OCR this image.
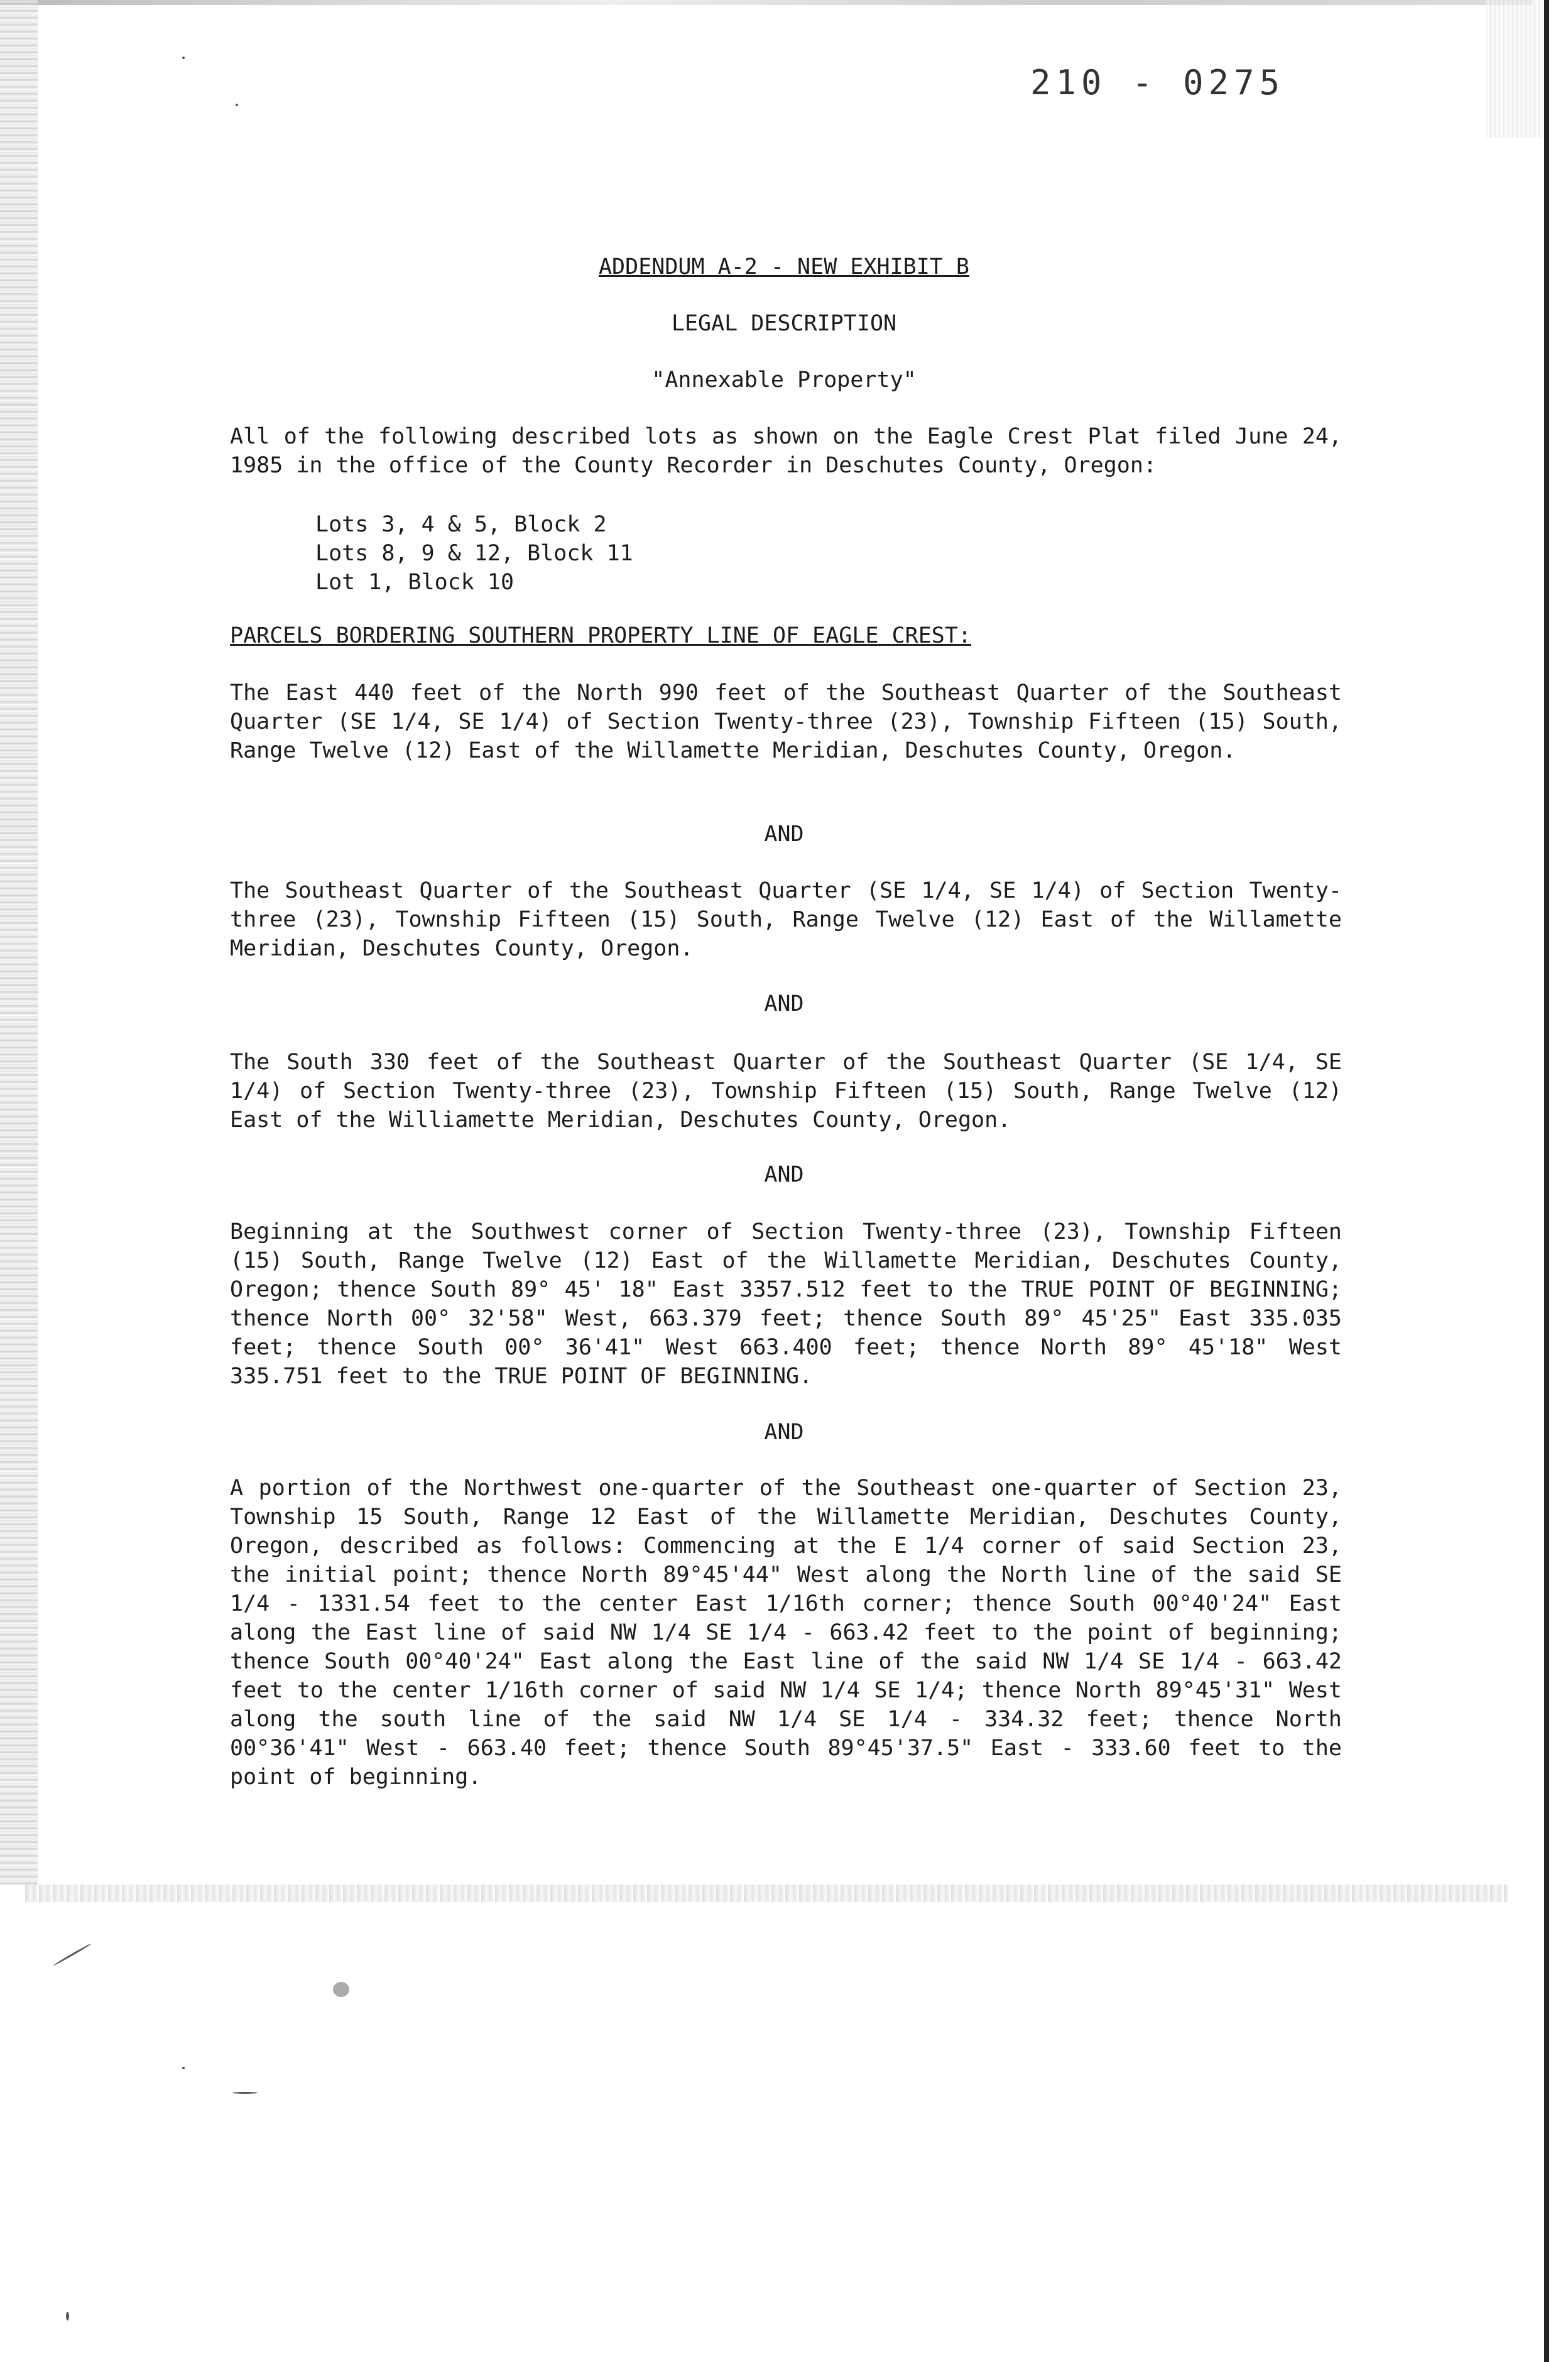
210 - 0275
ADDENDUM A-2 - NEW EXHIBIT B
LEGAL DESCRIPTION
"Annexable Property"

All of the following described lots as shown on the Eagle Crest Plat filed June 24, 1985 in the office of the County Recorder in Deschutes County, Oregon:

Lots 3, 4 & 5, Block 2
Lots 8, 9 & 12, Block 11
Lot 1, Block 10
PARCELS BORDERING SOUTHERN PROPERTY LINE OF EAGLE CREST:

The East 440 feet of the North 990 feet of the Southeast Quarter of the Southeast Quarter (SE 1/4, SE 1/4) of Section Twenty-three (23), Township Fifteen (15) South, Range Twelve (12) East of the Willamette Meridian, Deschutes County, Oregon.

AND

The Southeast Quarter of the Southeast Quarter (SE 1/4, SE 1/4) of Section Twenty-three (23), Township Fifteen (15) South, Range Twelve (12) East of the Willamette Meridian, Deschutes County, Oregon.

AND

The South 330 feet of the Southeast Quarter of the Southeast Quarter (SE 1/4, SE 1/4) of Section Twenty-three (23), Township Fifteen (15) South, Range Twelve (12) East of the Williamette Meridian, Deschutes County, Oregon.

AND

Beginning at the Southwest corner of Section Twenty-three (23), Township Fifteen (15) South, Range Twelve (12) East of the Willamette Meridian, Deschutes County, Oregon; thence South 89° 45' 18" East 3357.512 feet to the TRUE POINT OF BEGINNING; thence North 00° 32'58" West, 663.379 feet; thence South 89° 45'25" East 335.035 feet; thence South 00° 36'41" West 663.400 feet; thence North 89° 45'18" West 335.751 feet to the TRUE POINT OF BEGINNING.

AND

A portion of the Northwest one-quarter of the Southeast one-quarter of Section 23, Township 15 South, Range 12 East of the Willamette Meridian, Deschutes County, Oregon, described as follows: Commencing at the E 1/4 corner of said Section 23, the initial point; thence North 89°45'44" West along the North line of the said SE 1/4 - 1331.54 feet to the center East 1/16th corner; thence South 00°40'24" East along the East line of said NW 1/4 SE 1/4 - 663.42 feet to the point of beginning; thence South 00°40'24" East along the East line of the said NW 1/4 SE 1/4 - 663.42 feet to the center 1/16th corner of said NW 1/4 SE 1/4; thence North 89°45'31" West along the south line of the said NW 1/4 SE 1/4 - 334.32 feet; thence North 00°36'41" West - 663.40 feet; thence South 89°45'37.5" East - 333.60 feet to the point of beginning.
